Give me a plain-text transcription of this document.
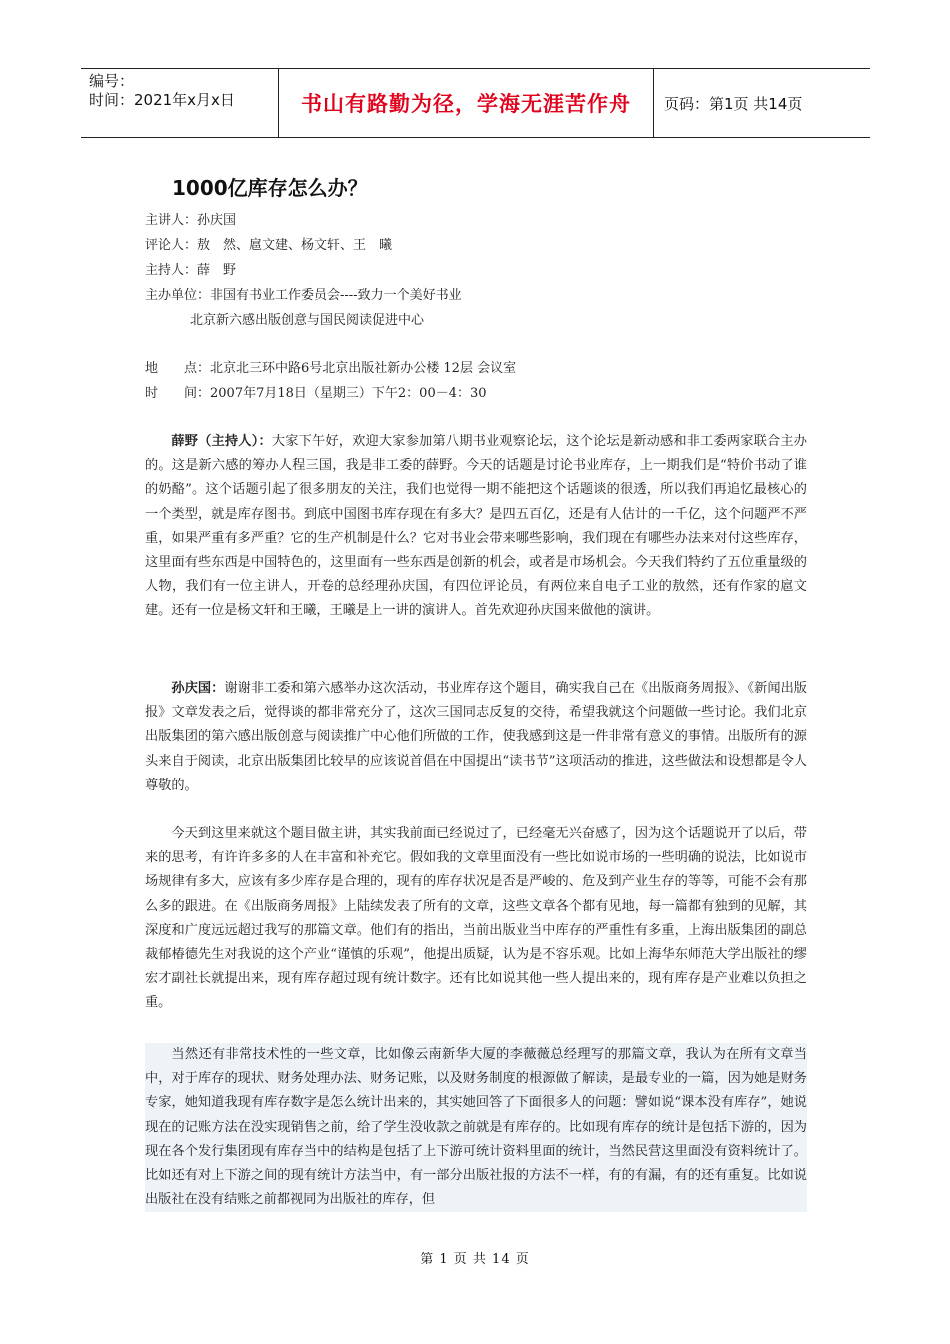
编号：
时间：2021年x月x日	书山有路勤为径，学海无涯苦作舟	页码：第1页 共14页
1000亿库存怎么办？
主讲人：孙庆国
评论人：敖　然、扈文建、杨文轩、王　曦
主持人：薛　野
主办单位：非国有书业工作委员会----致力一个美好书业
北京新六感出版创意与国民阅读促进中心
地　　点：北京北三环中路6号北京出版社新办公楼 12层 会议室
时　　间：2007年7月18日（星期三）下午2：00－4：30

薛野（主持人）：大家下午好，欢迎大家参加第八期书业观察论坛，这个论坛是新动感和非工委两家联合主办的。这是新六感的筹办人程三国，我是非工委的薛野。今天的话题是讨论书业库存，上一期我们是“特价书动了谁的奶酪”。这个话题引起了很多朋友的关注，我们也觉得一期不能把这个话题谈的很透，所以我们再追忆最核心的一个类型，就是库存图书。到底中国图书库存现在有多大？是四五百亿，还是有人估计的一千亿，这个问题严不严重，如果严重有多严重？它的生产机制是什么？它对书业会带来哪些影响，我们现在有哪些办法来对付这些库存，这里面有些东西是中国特色的，这里面有一些东西是创新的机会，或者是市场机会。今天我们特约了五位重量级的人物，我们有一位主讲人，开卷的总经理孙庆国，有四位评论员，有两位来自电子工业的敖然，还有作家的扈文建。还有一位是杨文轩和王曦，王曦是上一讲的演讲人。首先欢迎孙庆国来做他的演讲。

孙庆国：谢谢非工委和第六感举办这次活动，书业库存这个题目，确实我自己在《出版商务周报》、《新闻出版报》文章发表之后，觉得谈的都非常充分了，这次三国同志反复的交待，希望我就这个问题做一些讨论。我们北京出版集团的第六感出版创意与阅读推广中心他们所做的工作，使我感到这是一件非常有意义的事情。出版所有的源头来自于阅读，北京出版集团比较早的应该说首倡在中国提出“读书节”这项活动的推进，这些做法和设想都是令人尊敬的。

今天到这里来就这个题目做主讲，其实我前面已经说过了，已经毫无兴奋感了，因为这个话题说开了以后，带来的思考，有许许多多的人在丰富和补充它。假如我的文章里面没有一些比如说市场的一些明确的说法，比如说市场规律有多大，应该有多少库存是合理的，现有的库存状况是否是严峻的、危及到产业生存的等等，可能不会有那么多的跟进。在《出版商务周报》上陆续发表了所有的文章，这些文章各个都有见地，每一篇都有独到的见解，其深度和广度远远超过我写的那篇文章。他们有的指出，当前出版业当中库存的严重性有多重，上海出版集团的副总裁郁椿德先生对我说的这个产业“谨慎的乐观”，他提出质疑，认为是不容乐观。比如上海华东师范大学出版社的缪宏才副社长就提出来，现有库存超过现有统计数字。还有比如说其他一些人提出来的，现有库存是产业难以负担之重。

当然还有非常技术性的一些文章，比如像云南新华大厦的李薇薇总经理写的那篇文章，我认为在所有文章当中，对于库存的现状、财务处理办法、财务记账，以及财务制度的根源做了解读，是最专业的一篇，因为她是财务专家，她知道我现有库存数字是怎么统计出来的，其实她回答了下面很多人的问题：譬如说“课本没有库存”，她说现在的记账方法在没实现销售之前，给了学生没收款之前就是有库存的。比如现有库存的统计是包括下游的，因为现在各个发行集团现有库存当中的结构是包括了上下游可统计资料里面的统计，当然民营这里面没有资料统计了。比如还有对上下游之间的现有统计方法当中，有一部分出版社报的方法不一样，有的有漏，有的还有重复。比如说出版社在没有结账之前都视同为出版社的库存，但

第 1 页 共 14 页
